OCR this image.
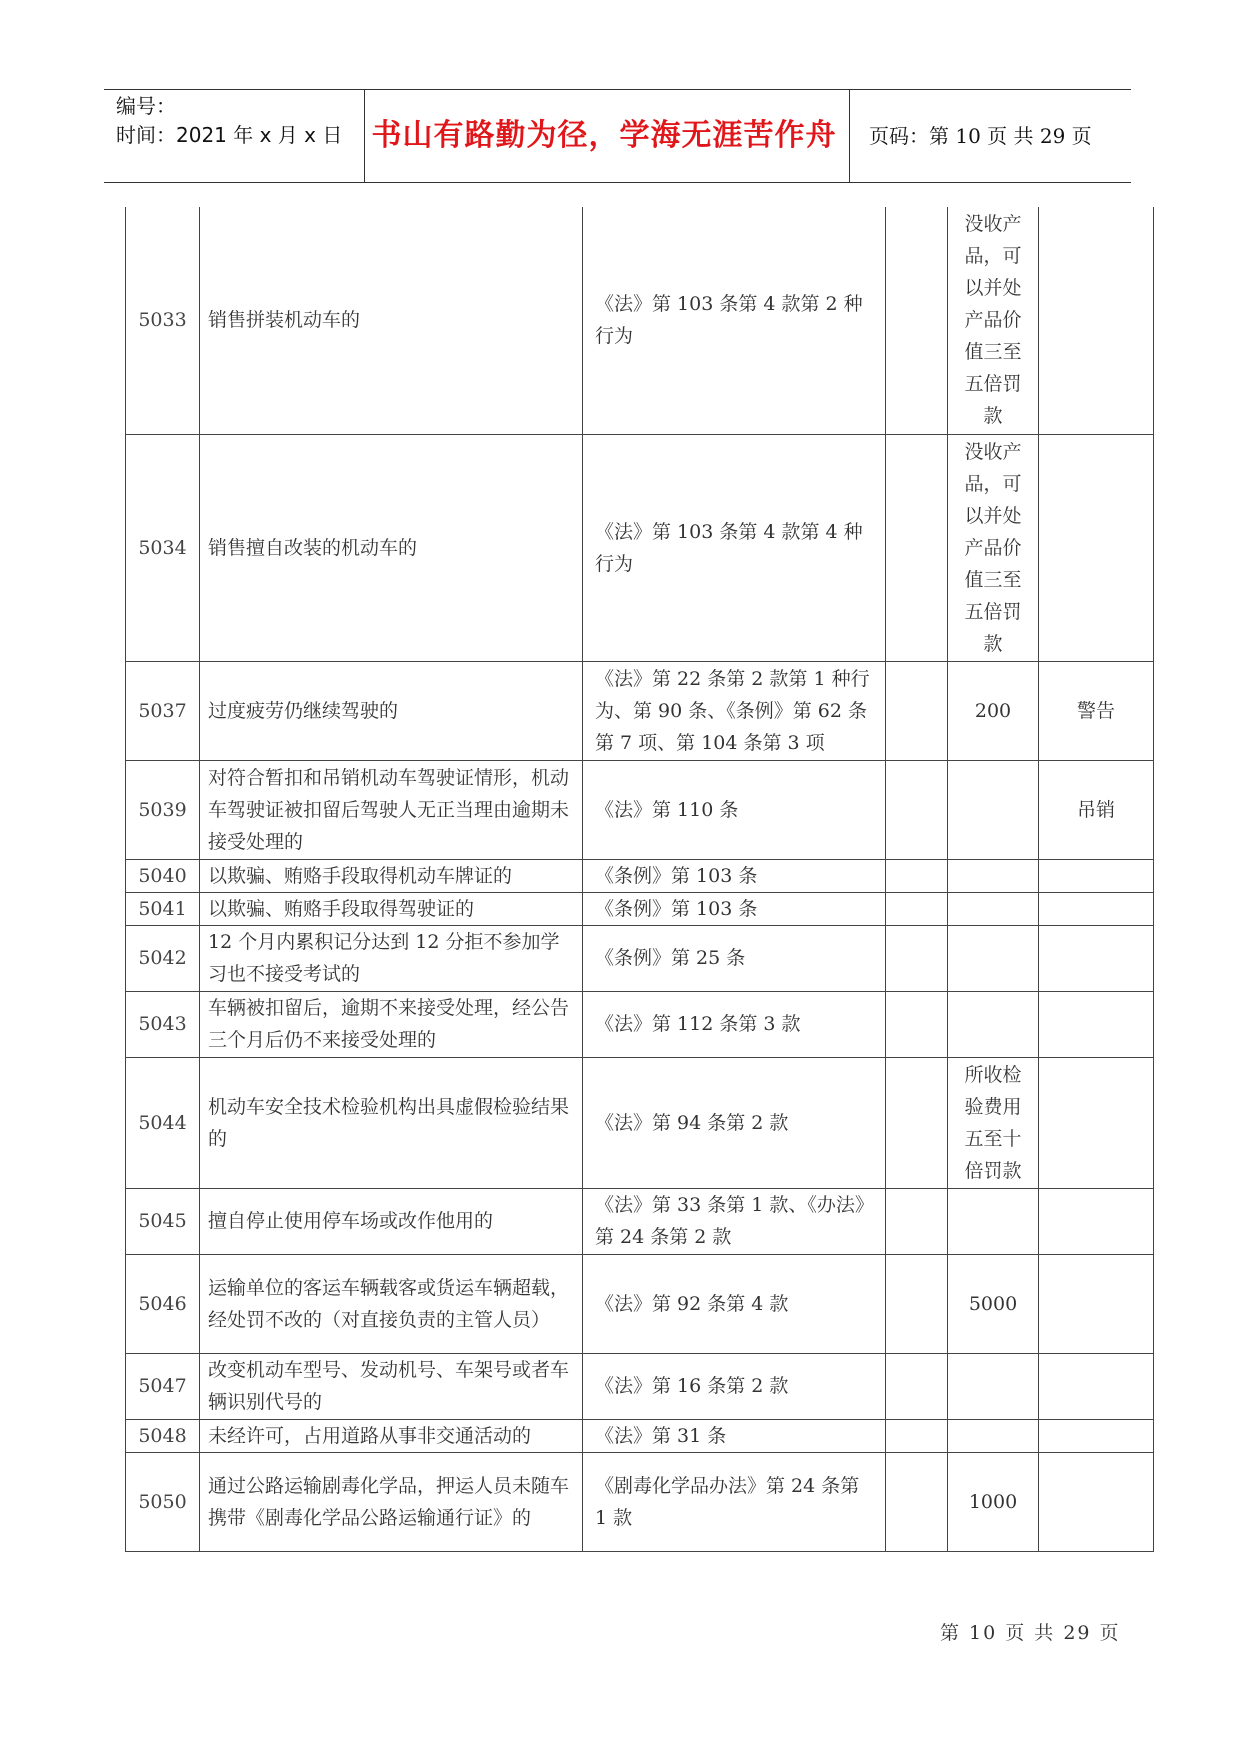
编号：
时间：2021 年 x 月 x 日 书山有路勤为径，学海无涯苦作舟	页码：第 10 页 共 29 页
5033	销售拼装机动车的	《法》第 103 条第 4 款第 2 种行为		没收产品，可以并处产品价值三至五倍罚款	
5034	销售擅自改装的机动车的	《法》第 103 条第 4 款第 4 种行为		没收产品，可以并处产品价值三至五倍罚款	
5037	过度疲劳仍继续驾驶的	《法》第 22 条第 2 款第 1 种行为、第 90 条、《条例》第 62 条第 7 项、第 104 条第 3 项		200	警告
5039	对符合暂扣和吊销机动车驾驶证情形，机动车驾驶证被扣留后驾驶人无正当理由逾期未接受处理的	《法》第 110 条			吊销
5040	以欺骗、贿赂手段取得机动车牌证的	《条例》第 103 条			
5041	以欺骗、贿赂手段取得驾驶证的	《条例》第 103 条			
5042	12 个月内累积记分达到 12 分拒不参加学习也不接受考试的	《条例》第 25 条			
5043	车辆被扣留后，逾期不来接受处理，经公告三个月后仍不来接受处理的	《法》第 112 条第 3 款			
5044	机动车安全技术检验机构出具虚假检验结果的	《法》第 94 条第 2 款		所收检验费用五至十倍罚款	
5045	擅自停止使用停车场或改作他用的	《法》第 33 条第 1 款、《办法》第 24 条第 2 款			
5046	运输单位的客运车辆载客或货运车辆超载，经处罚不改的（对直接负责的主管人员）	《法》第 92 条第 4 款		5000	
5047	改变机动车型号、发动机号、车架号或者车辆识别代号的	《法》第 16 条第 2 款			
5048	未经许可，占用道路从事非交通活动的	《法》第 31 条			
5050	通过公路运输剧毒化学品，押运人员未随车携带《剧毒化学品公路运输通行证》的	《剧毒化学品办法》第 24 条第 1 款		1000	
第 10 页 共 29 页
